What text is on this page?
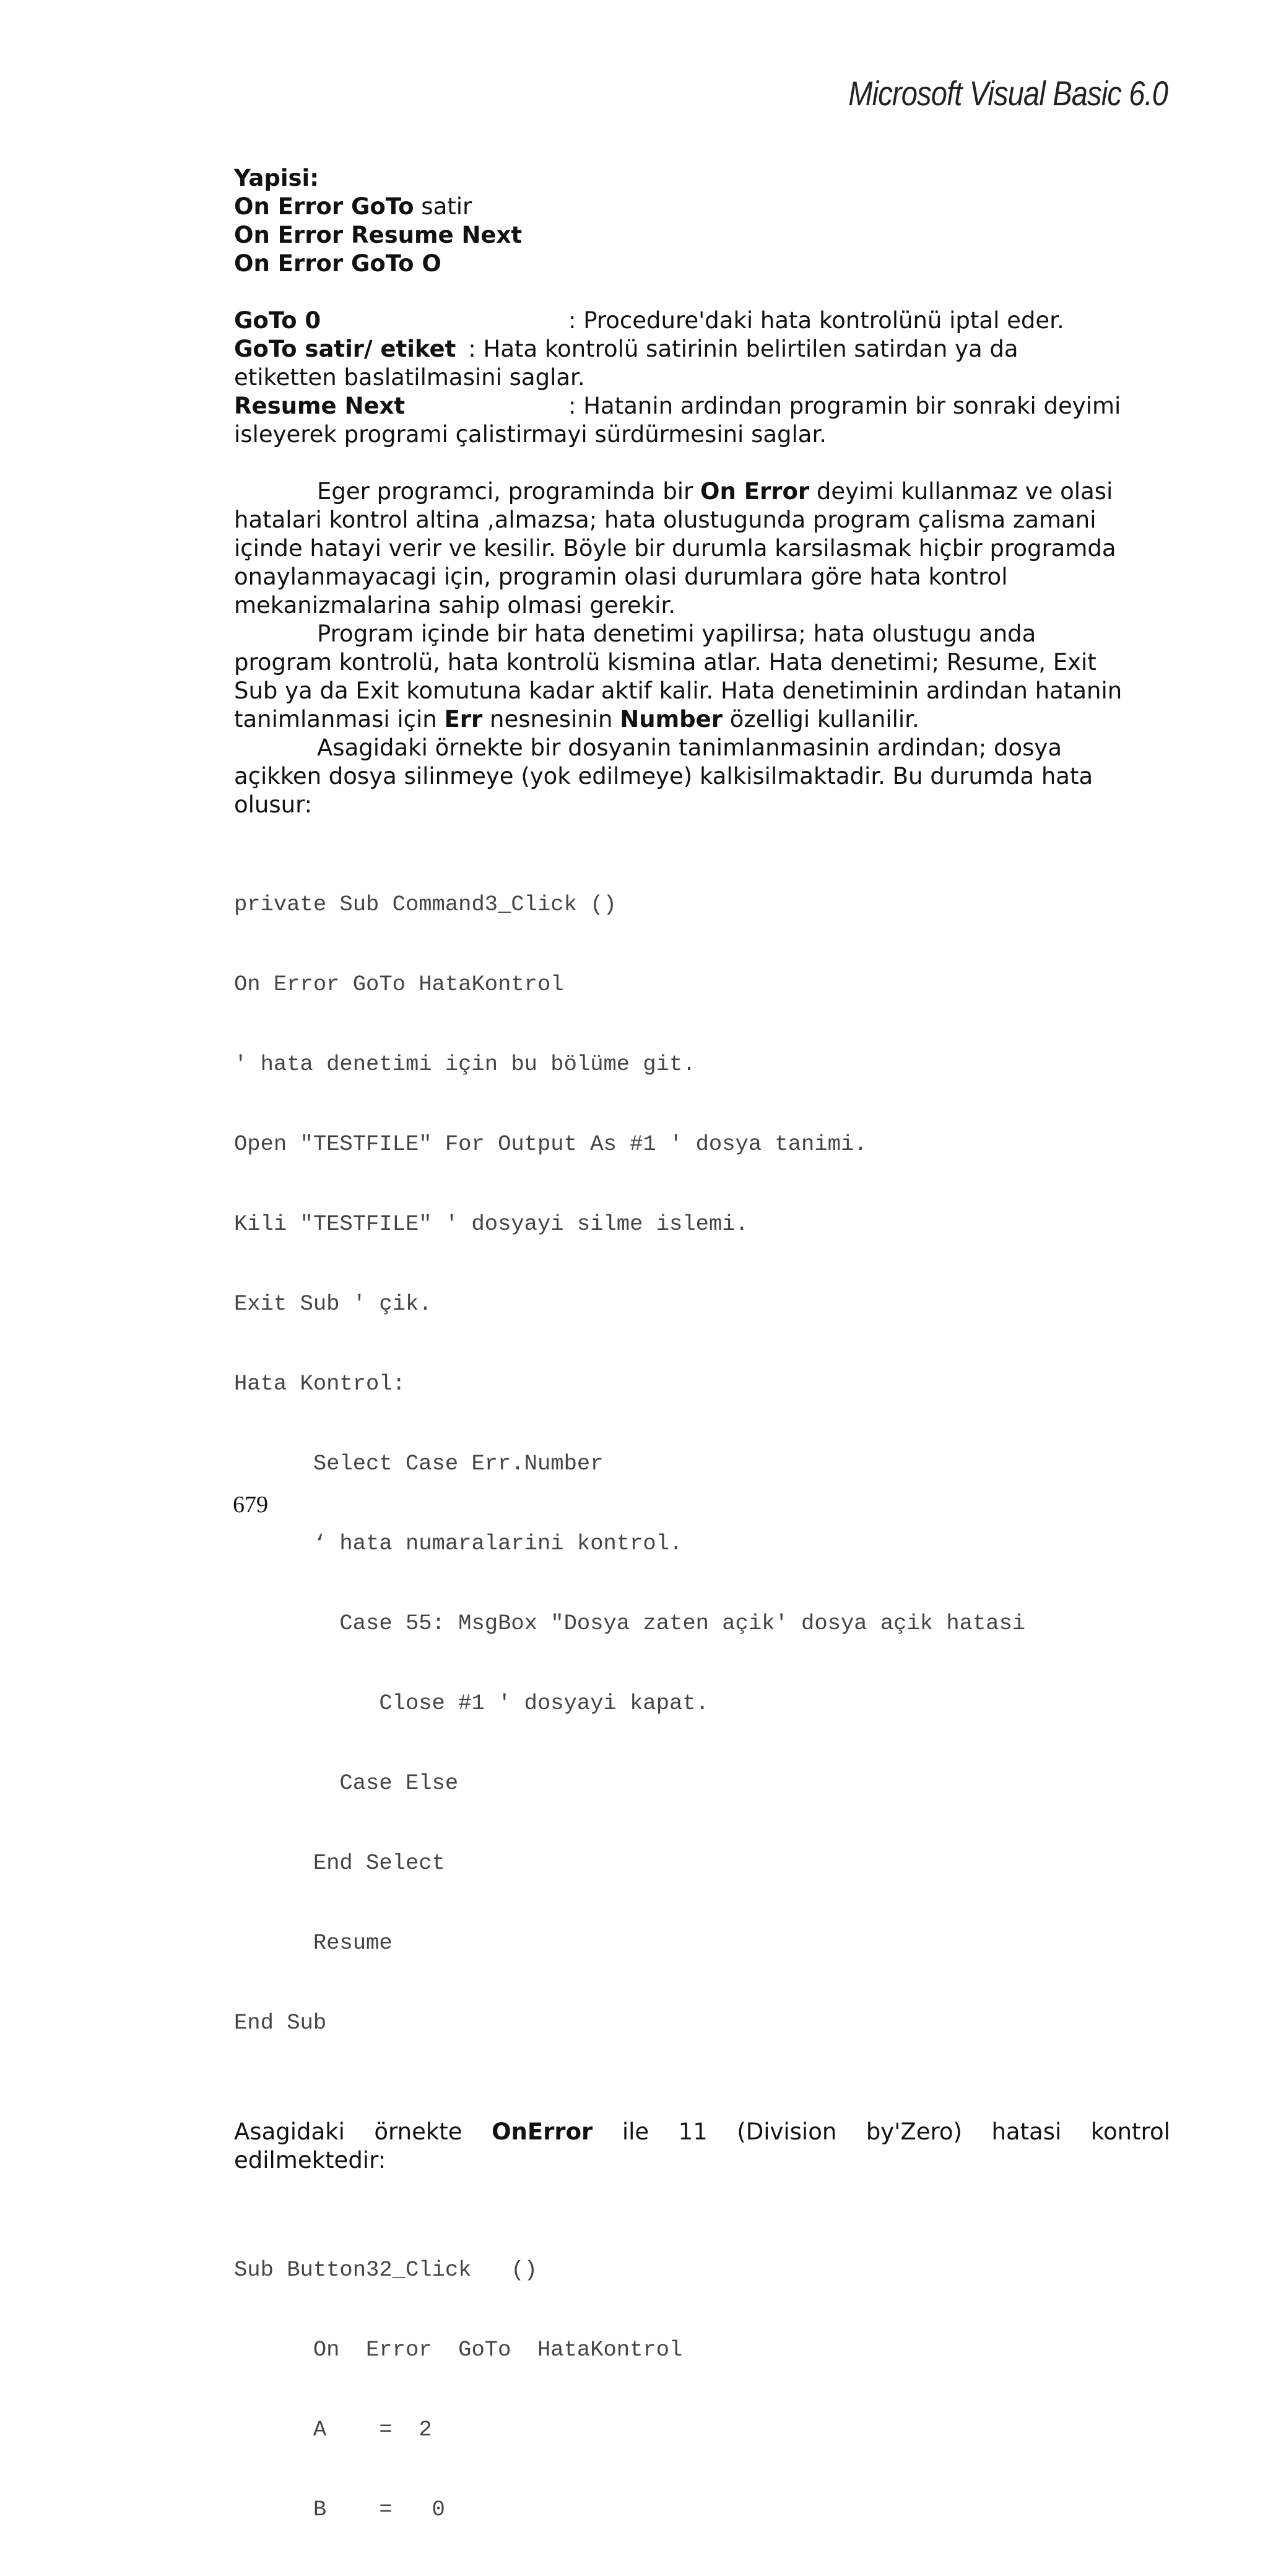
Microsoft Visual Basic 6.0
Yapisi:
On Error GoTo satir
On Error Resume Next
On Error GoTo O
GoTo 0	: Procedure'daki hata kontrolünü iptal eder.
GoTo satir/ etiket : Hata kontrolü satirinin belirtilen satirdan ya da
etiketten baslatilmasini saglar.
Resume Next	: Hatanin ardindan programin bir sonraki deyimi
isleyerek programi çalistirmayi sürdürmesini saglar.
Eger programci, programinda bir On Error deyimi kullanmaz ve olasi
hatalari kontrol altina ,almazsa; hata olustugunda program çalisma zamani
içinde hatayi verir ve kesilir. Böyle bir durumla karsilasmak hiçbir programda
onaylanmayacagi için, programin olasi durumlara göre hata kontrol
mekanizmalarina sahip olmasi gerekir.
Program içinde bir hata denetimi yapilirsa; hata olustugu anda
program kontrolü, hata kontrolü kismina atlar. Hata denetimi; Resume, Exit
Sub ya da Exit komutuna kadar aktif kalir. Hata denetiminin ardindan hatanin
tanimlanmasi için Err nesnesinin Number özelligi kullanilir.
Asagidaki örnekte bir dosyanin tanimlanmasinin ardindan; dosya
açikken dosya silinmeye (yok edilmeye) kalkisilmaktadir. Bu durumda hata
olusur:

private Sub Command3_Click ()

On Error GoTo HataKontrol

' hata denetimi için bu bölüme git.

Open "TESTFILE" For Output As #1 ' dosya tanimi.

Kili "TESTFILE" ' dosyayi silme islemi.

Exit Sub ' çik.

Hata Kontrol:

Select Case Err.Number

‘ hata numaralarini kontrol.

Case 55: MsgBox "Dosya zaten açik' dosya açik hatasi

Close #1 ' dosyayi kapat.

Case Else

End Select

Resume

End Sub

Asagidaki örnekte OnError ile 11 (Division by'Zero) hatasi kontrol
edilmektedir:

Sub Button32_Click   ()

On  Error  GoTo  HataKontrol

A    =  2

B    =   0

679
